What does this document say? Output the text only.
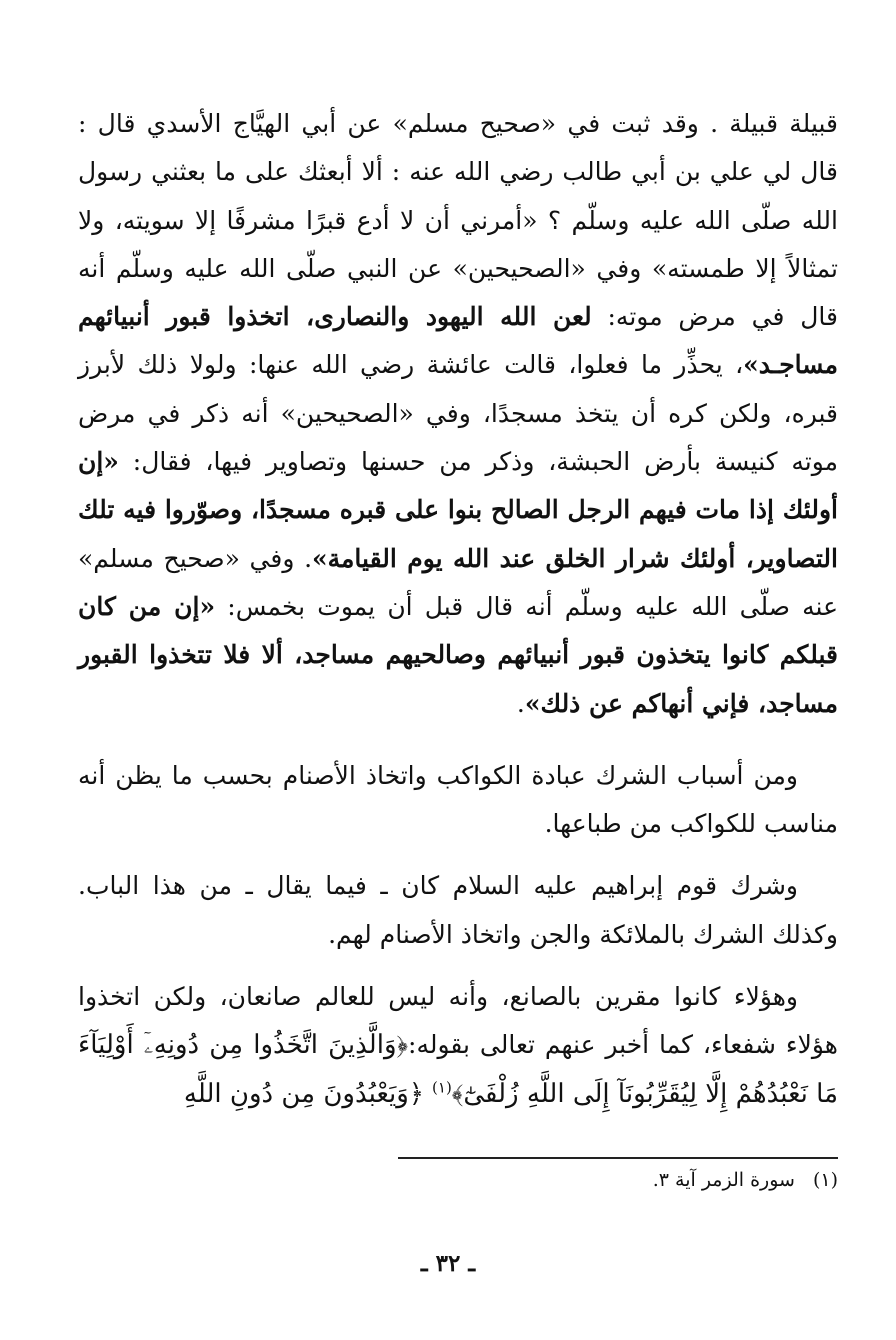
قبيلة قبيلة . وقد ثبت في «صحيح مسلم» عن أبي الهيَّاج الأسدي قال : قال لي علي بن أبي طالب رضي الله عنه : ألا أبعثك على ما بعثني رسول الله صلّى الله عليه وسلّم ؟ «أمرني أن لا أدع قبرًا مشرفًا إلا سويته، ولا تمثالاً إلا طمسته» وفي «الصحيحين» عن النبي صلّى الله عليه وسلّم أنه قال في مرض موته: لعن الله اليهود والنصارى، اتخذوا قبور أنبيائهم مساجـد»، يحذِّر ما فعلوا، قالت عائشة رضي الله عنها: ولولا ذلك لأبرز قبره، ولكن كره أن يتخذ مسجدًا، وفي «الصحيحين» أنه ذكر في مرض موته كنيسة بأرض الحبشة، وذكر من حسنها وتصاوير فيها، فقال: «إن أولئك إذا مات فيهم الرجل الصالح بنوا على قبره مسجدًا، وصوّروا فيه تلك التصاوير، أولئك شرار الخلق عند الله يوم القيامة». وفي «صحيح مسلم» عنه صلّى الله عليه وسلّم أنه قال قبل أن يموت بخمس: «إن من كان قبلكم كانوا يتخذون قبور أنبيائهم وصالحيهم مساجد، ألا فلا تتخذوا القبور مساجد، فإني أنهاكم عن ذلك».

ومن أسباب الشرك عبادة الكواكب واتخاذ الأصنام بحسب ما يظن أنه مناسب للكواكب من طباعها.

وشرك قوم إبراهيم عليه السلام كان ـ فيما يقال ـ من هذا الباب. وكذلك الشرك بالملائكة والجن واتخاذ الأصنام لهم.

وهؤلاء كانوا مقرين بالصانع، وأنه ليس للعالم صانعان، ولكن اتخذوا هؤلاء شفعاء، كما أخبر عنهم تعالى بقوله:﴿وَالَّذِينَ اتَّخَذُوا مِن دُونِهِۦٓ أَوْلِيَآءَ مَا نَعْبُدُهُمْ إِلَّا لِيُقَرِّبُونَآ إِلَى اللَّهِ زُلْفَىٰٓ﴾$^{(١)}$ ﴿وَيَعْبُدُونَ مِن دُونِ اللَّهِ

(١)سورة الزمر آية ٣.
ـ ٣٢ ـ
